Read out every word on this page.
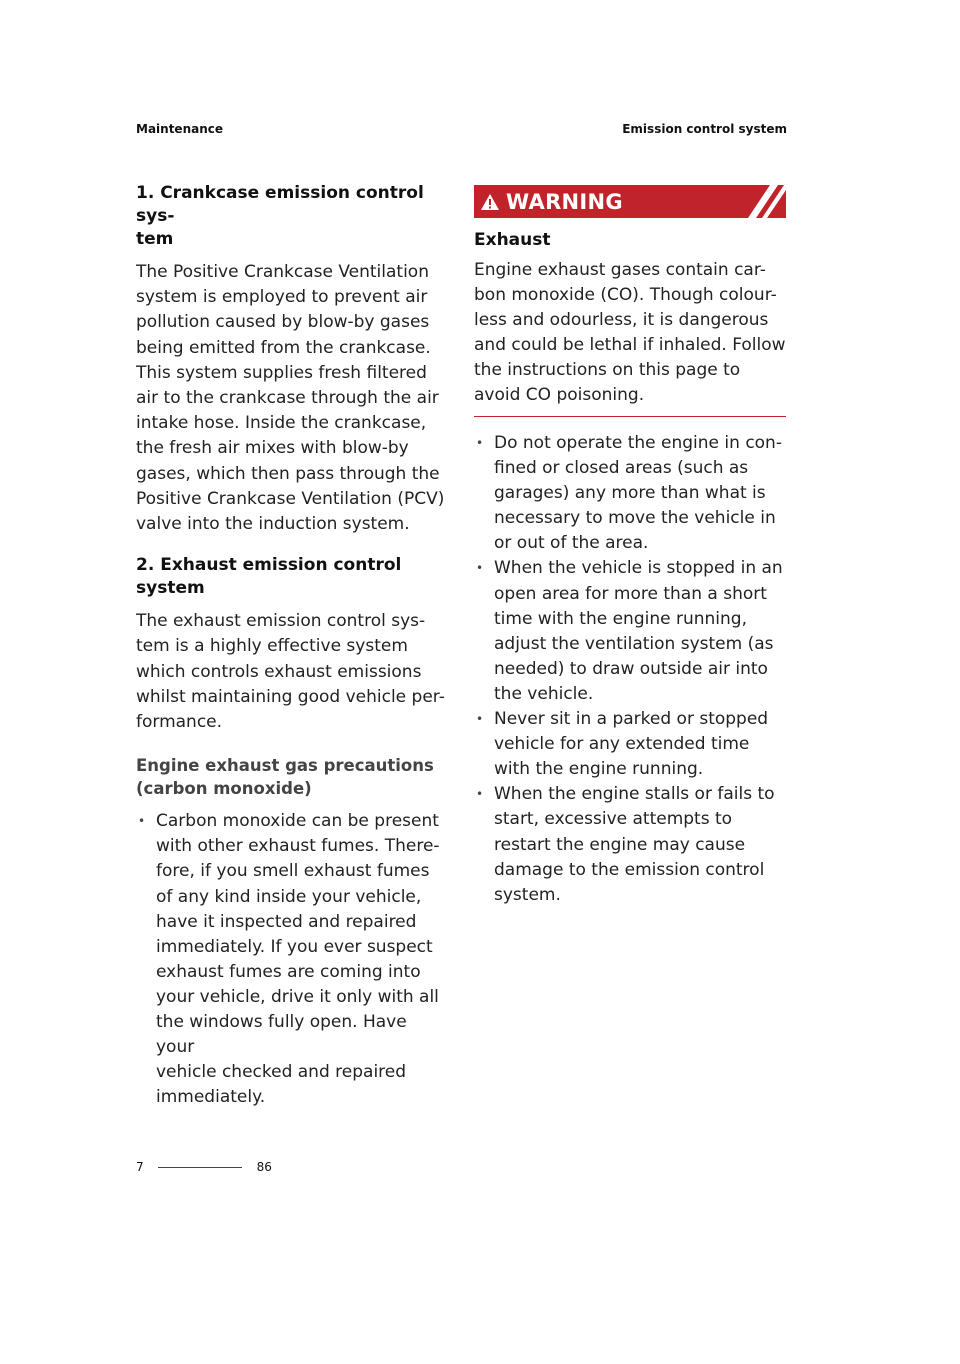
Maintenance	Emission control system
1. Crankcase emission control sys-
tem

The Positive Crankcase Ventilation
system is employed to prevent air
pollution caused by blow-by gases
being emitted from the crankcase.
This system supplies fresh filtered
air to the crankcase through the air
intake hose. Inside the crankcase,
the fresh air mixes with blow-by
gases, which then pass through the
Positive Crankcase Ventilation (PCV)
valve into the induction system.

2. Exhaust emission control system

The exhaust emission control sys-
tem is a highly effective system
which controls exhaust emissions
whilst maintaining good vehicle per-
formance.

Engine exhaust gas precautions
(carbon monoxide)
• Carbon monoxide can be present
with other exhaust fumes. There-
fore, if you smell exhaust fumes
of any kind inside your vehicle,
have it inspected and repaired
immediately. If you ever suspect
exhaust fumes are coming into
your vehicle, drive it only with all
the windows fully open. Have your
vehicle checked and repaired
immediately.
WARNING
Exhaust
Engine exhaust gases contain car-
bon monoxide (CO). Though colour-
less and odourless, it is dangerous
and could be lethal if inhaled. Follow
the instructions on this page to
avoid CO poisoning.
• Do not operate the engine in con-
fined or closed areas (such as
garages) any more than what is
necessary to move the vehicle in
or out of the area.
• When the vehicle is stopped in an
open area for more than a short
time with the engine running,
adjust the ventilation system (as
needed) to draw outside air into
the vehicle.
• Never sit in a parked or stopped
vehicle for any extended time
with the engine running.
• When the engine stalls or fails to
start, excessive attempts to
restart the engine may cause
damage to the emission control
system.
7	86
